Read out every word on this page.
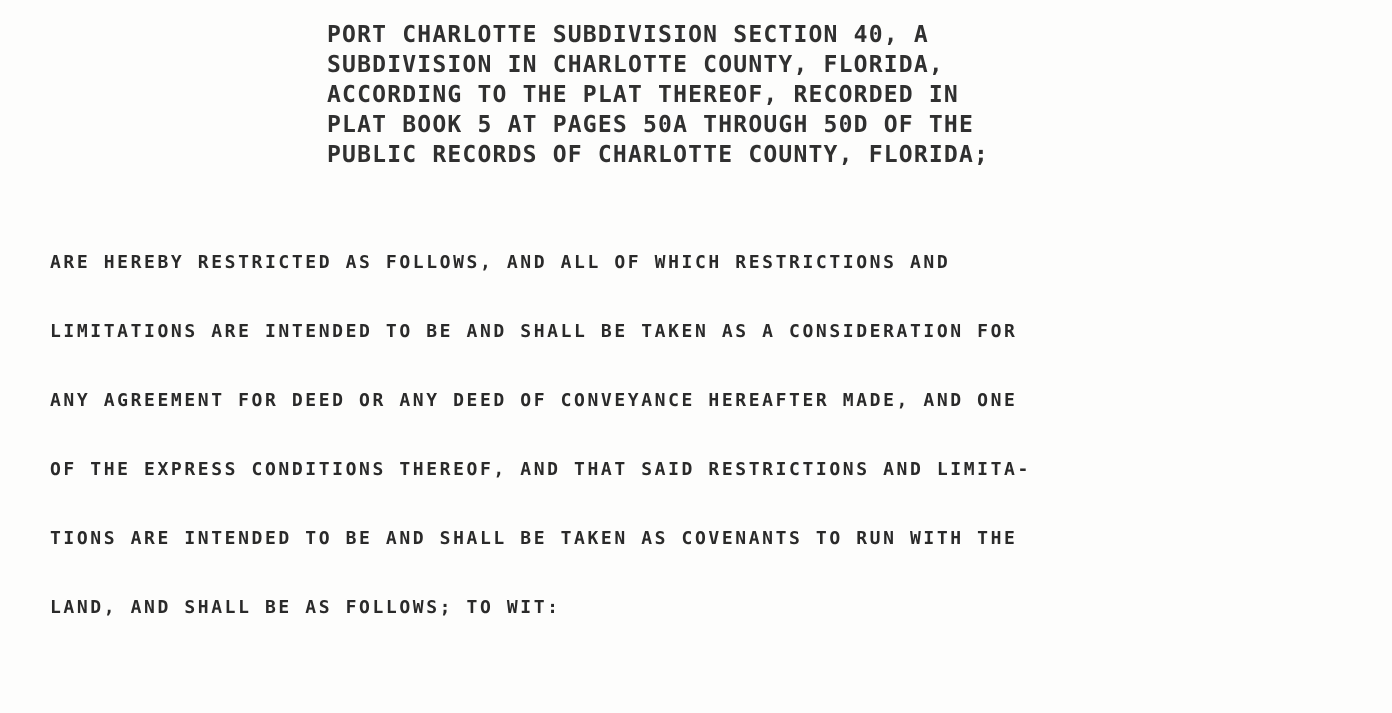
PORT CHARLOTTE SUBDIVISION SECTION 40, A
SUBDIVISION IN CHARLOTTE COUNTY, FLORIDA,
ACCORDING TO THE PLAT THEREOF, RECORDED IN
PLAT BOOK 5 AT PAGES 50A THROUGH 50D OF THE
PUBLIC RECORDS OF CHARLOTTE COUNTY, FLORIDA;
ARE HEREBY RESTRICTED AS FOLLOWS, AND ALL OF WHICH RESTRICTIONS AND
LIMITATIONS ARE INTENDED TO BE AND SHALL BE TAKEN AS A CONSIDERATION FOR
ANY AGREEMENT FOR DEED OR ANY DEED OF CONVEYANCE HEREAFTER MADE, AND ONE
OF THE EXPRESS CONDITIONS THEREOF, AND THAT SAID RESTRICTIONS AND LIMITA-
TIONS ARE INTENDED TO BE AND SHALL BE TAKEN AS COVENANTS TO RUN WITH THE
LAND, AND SHALL BE AS FOLLOWS; TO WIT:
